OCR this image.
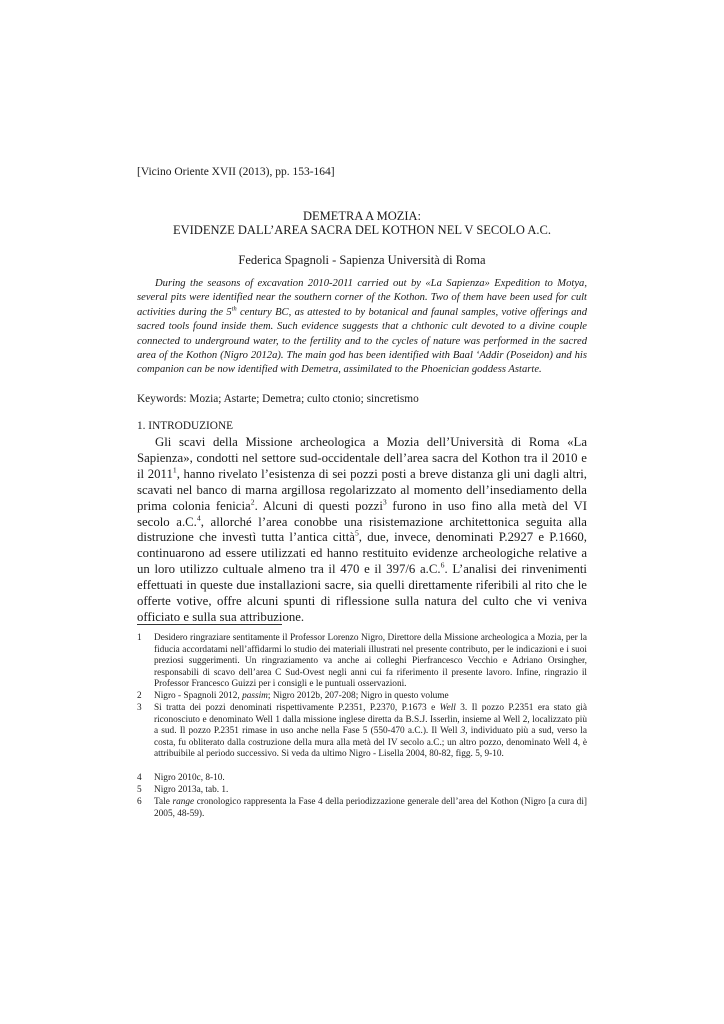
[Vicino Oriente XVII (2013), pp. 153-164]
DEMETRA A MOZIA:
EVIDENZE DALL’AREA SACRA DEL KOTHON NEL V SECOLO A.C.
Federica Spagnoli - Sapienza Università di Roma
During the seasons of excavation 2010-2011 carried out by «La Sapienza» Expedition to Motya, several pits were identified near the southern corner of the Kothon. Two of them have been used for cult activities during the 5th century BC, as attested to by botanical and faunal samples, votive offerings and sacred tools found inside them. Such evidence suggests that a chthonic cult devoted to a divine couple connected to underground water, to the fertility and to the cycles of nature was performed in the sacred area of the Kothon (Nigro 2012a). The main god has been identified with Baal ‘Addir (Poseidon) and his companion can be now identified with Demetra, assimilated to the Phoenician goddess Astarte.
Keywords: Mozia; Astarte; Demetra; culto ctonio; sincretismo
1. INTRODUZIONE
Gli scavi della Missione archeologica a Mozia dell’Università di Roma «La Sapienza», condotti nel settore sud-occidentale dell’area sacra del Kothon tra il 2010 e il 2011$^1$, hanno rivelato l’esistenza di sei pozzi posti a breve distanza gli uni dagli altri, scavati nel banco di marna argillosa regolarizzato al momento dell’insediamento della prima colonia fenicia$^2$. Alcuni di questi pozzi$^3$ furono in uso fino alla metà del VI secolo a.C.$^4$, allorché l’area conobbe una risistemazione architettonica seguita alla distruzione che investì tutta l’antica città$^5$, due, invece, denominati P.2927 e P.1660, continuarono ad essere utilizzati ed hanno restituito evidenze archeologiche relative a un loro utilizzo cultuale almeno tra il 470 e il 397/6 a.C.$^6$. L’analisi dei rinvenimenti effettuati in queste due installazioni sacre, sia quelli direttamente riferibili al rito che le offerte votive, offre alcuni spunti di riflessione sulla natura del culto che vi veniva officiato e sulla sua attribuzione.
1	Desidero ringraziare sentitamente il Professor Lorenzo Nigro, Direttore della Missione archeologica a Mozia, per la fiducia accordatami nell’affidarmi lo studio dei materiali illustrati nel presente contributo, per le indicazioni e i suoi preziosi suggerimenti. Un ringraziamento va anche ai colleghi Pierfrancesco Vecchio e Adriano Orsingher, responsabili di scavo dell’area C Sud-Ovest negli anni cui fa riferimento il presente lavoro. Infine, ringrazio il Professor Francesco Guizzi per i consigli e le puntuali osservazioni.
2	Nigro - Spagnoli 2012, passim; Nigro 2012b, 207-208; Nigro in questo volume
3	Si tratta dei pozzi denominati rispettivamente P.2351, P.2370, P.1673 e Well 3. Il pozzo P.2351 era stato già riconosciuto e denominato Well 1 dalla missione inglese diretta da B.S.J. Isserlin, insieme al Well 2, localizzato più a sud. Il pozzo P.2351 rimase in uso anche nella Fase 5 (550-470 a.C.). Il Well 3, individuato più a sud, verso la costa, fu obliterato dalla costruzione della mura alla metà del IV secolo a.C.; un altro pozzo, denominato Well 4, è attribuibile al periodo successivo. Si veda da ultimo Nigro - Lisella 2004, 80-82, figg. 5, 9-10.
4	Nigro 2010c, 8-10.
5	Nigro 2013a, tab. 1.
6	Tale range cronologico rappresenta la Fase 4 della periodizzazione generale dell’area del Kothon (Nigro [a cura di] 2005, 48-59).
